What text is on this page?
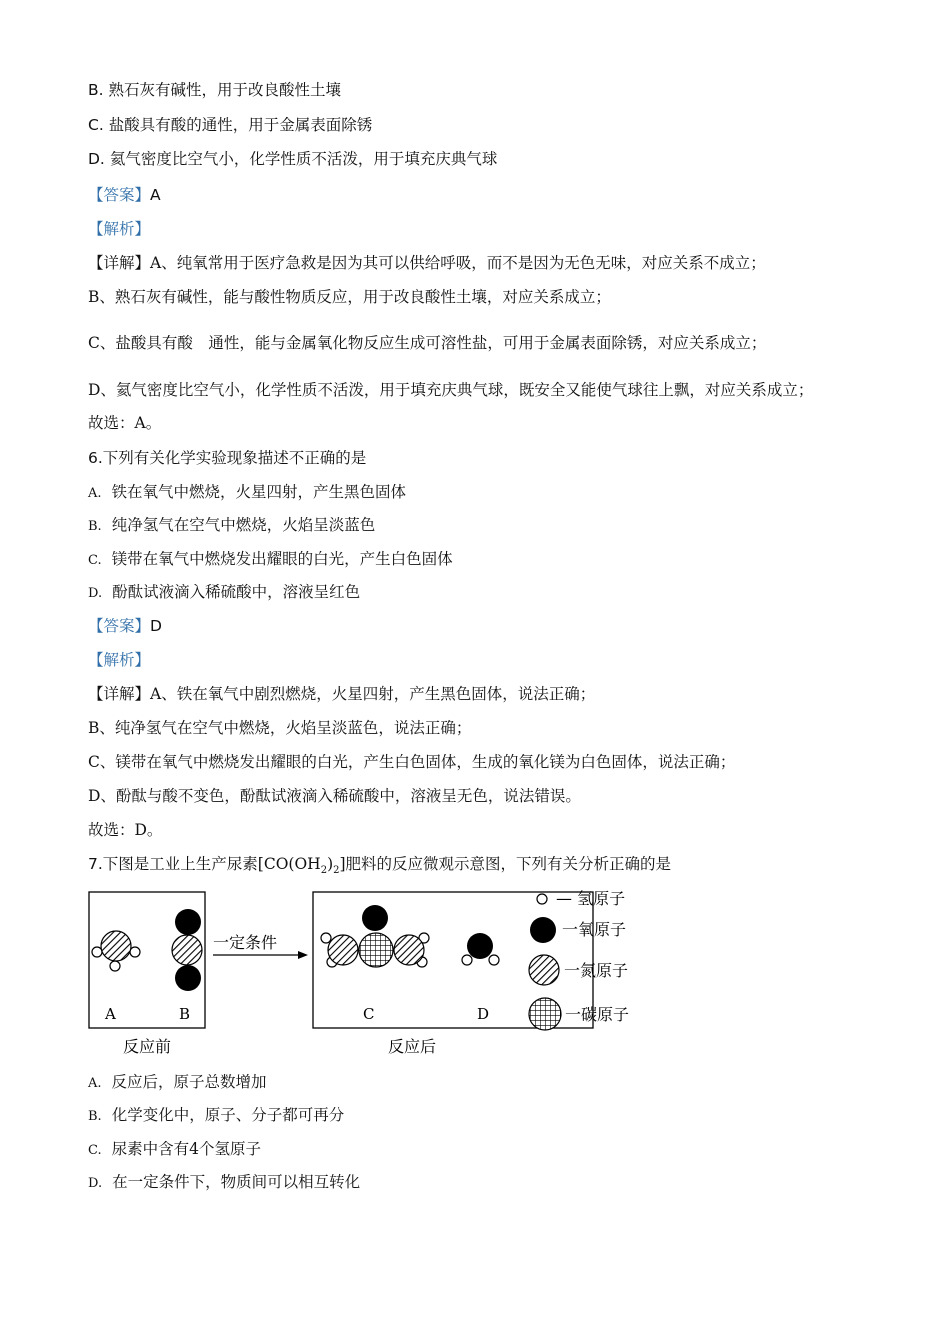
B. 熟石灰有碱性，用于改良酸性土壤
C. 盐酸具有酸的通性，用于金属表面除锈
D. 氦气密度比空气小，化学性质不活泼，用于填充庆典气球
【答案】A
【解析】
【详解】A、纯氧常用于医疗急救是因为其可以供给呼吸，而不是因为无色无味，对应关系不成立；
B、熟石灰有碱性，能与酸性物质反应，用于改良酸性土壤，对应关系成立；
C、盐酸具有酸　通性，能与金属氧化物反应生成可溶性盐，可用于金属表面除锈，对应关系成立；
D、氦气密度比空气小，化学性质不活泼，用于填充庆典气球，既安全又能使气球往上飘，对应关系成立；
故选：A。
6.下列有关化学实验现象描述不正确的是
A. 铁在氧气中燃烧，火星四射，产生黑色固体
B. 纯净氢气在空气中燃烧，火焰呈淡蓝色
C. 镁带在氧气中燃烧发出耀眼的白光，产生白色固体
D. 酚酞试液滴入稀硫酸中，溶液呈红色
【答案】D
【解析】
【详解】A、铁在氧气中剧烈燃烧，火星四射，产生黑色固体，说法正确；
B、纯净氢气在空气中燃烧，火焰呈淡蓝色，说法正确；
C、镁带在氧气中燃烧发出耀眼的白光，产生白色固体，生成的氧化镁为白色固体，说法正确；
D、酚酞与酸不变色，酚酞试液滴入稀硫酸中，溶液呈无色，说法错误。
故选：D。
7.下图是工业上生产尿素$[CO(OH_2)_2]$肥料的反应微观示意图，下列有关分析正确的是
A	B
一定条件
C	D
反应前	反应后
— 氢原子
一氧原子
一氮原子
一碳原子
A. 反应后，原子总数增加
B. 化学变化中，原子、分子都可再分
C. 尿素中含有4个氢原子
D. 在一定条件下，物质间可以相互转化
